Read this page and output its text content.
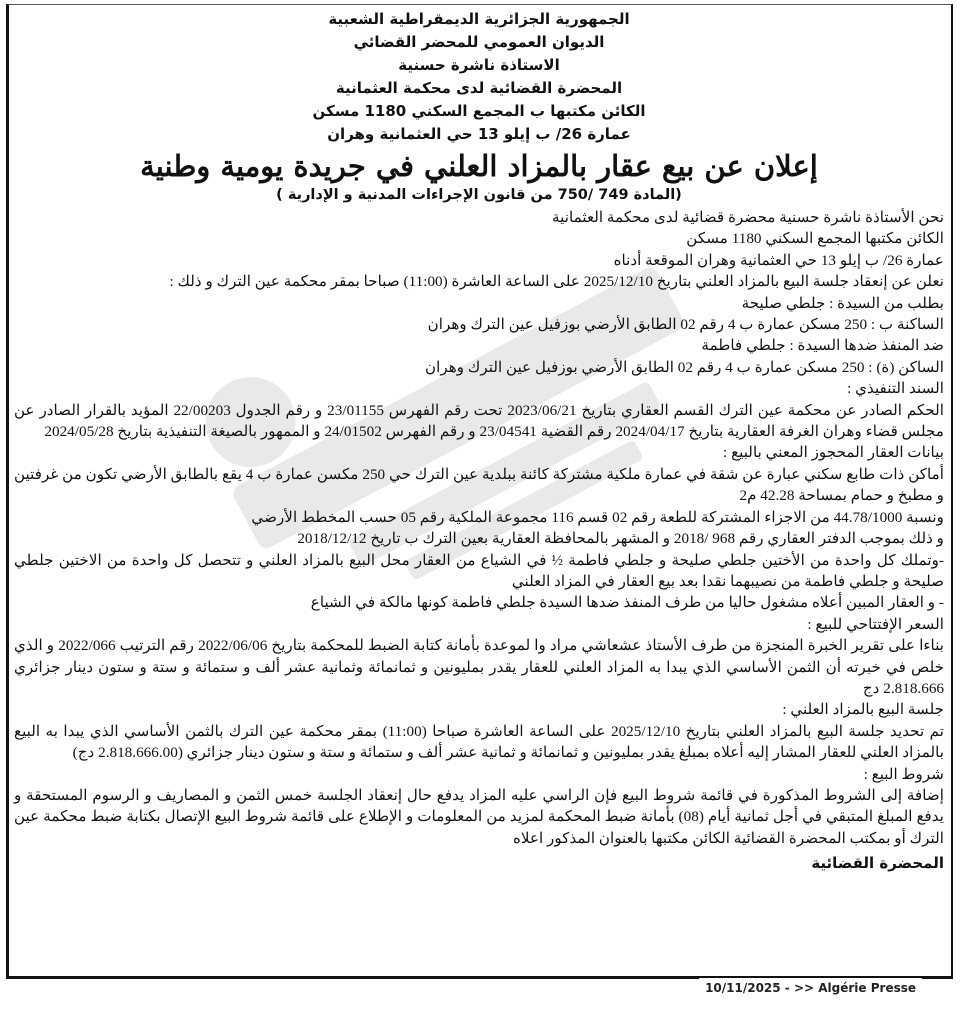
الجمهورية الجزائرية الديمقراطية الشعبية

الديوان العمومي للمحضر القضائي

الاستاذة ناشرة حسنية

المحضرة القضائية لدى محكمة العثمانية

الكائن مكتبها ب المجمع السكني 1180 مسكن

عمارة 26/ ب إيلو 13 حي العثمانية وهران

إعلان عن بيع عقار بالمزاد العلني في جريدة يومية وطنية

(المادة 749 /750 من قانون الإجراءات المدنية و الإدارية )

نحن الأستاذة ناشرة حسنية محضرة قضائية لدى محكمة العثمانية

الكائن مكتبها المجمع السكني 1180 مسكن

عمارة 26/ ب إيلو 13 حي العثمانية وهران الموقعة أدناه

نعلن عن إنعقاد جلسة البيع بالمزاد العلني بتاريخ 2025/12/10 على الساعة العاشرة (11:00) صباحا بمقر محكمة عين الترك و ذلك :

بطلب من السيدة : جلطي صليحة

الساكنة ب : 250 مسكن عمارة ب 4 رقم 02 الطابق الأرضي بوزفيل عين الترك وهران

ضد المنفذ ضدها السيدة : جلطي فاطمة

الساكن (ة) : 250 مسكن عمارة ب 4 رقم 02 الطابق الأرضي بوزفيل عين الترك وهران

السند التنفيذي :

الحكم الصادر عن محكمة عين الترك القسم العقاري بتاريخ 2023/06/21 تحت رقم الفهرس 23/01155 و رقم الجدول 22/00203 المؤيد بالقرار الصادر عن مجلس قضاء وهران الغرفة العقارية بتاريخ 2024/04/17 رقم القضية 23/04541 و رقم الفهرس 24/01502 و الممهور بالصيغة التنفيذية بتاريخ 2024/05/28

بيانات العقار المحجوز المعني بالبيع :

أماكن ذات طابع سكني عبارة عن شقة في عمارة ملكية مشتركة كائنة ببلدية عين الترك حي 250 مكسن عمارة ب 4 يقع بالطابق الأرضي تكون من غرفتين و مطبخ و حمام بمساحة 42.28 م2

ونسبة 44.78/1000 من الاجزاء المشتركة للطعة رقم 02 قسم 116 مجموعة الملكية رقم 05 حسب المخطط الأرضي

و ذلك بموجب الدفتر العقاري رقم 968 /2018 و المشهر بالمحافظة العقارية بعين الترك ب تاريخ 2018/12/12

-وتملك كل واحدة من الأختين جلطي صليحة و جلطي فاطمة ½ في الشياع من العقار محل البيع بالمزاد العلني و تتحصل كل واحدة من الاختين جلطي صليحة و جلطي فاطمة من نصيبهما نقدا بعد بيع العقار في المزاد العلني

- و العقار المبين أعلاه مشغول حاليا من طرف المنفذ ضدها السيدة جلطي فاطمة كونها مالكة في الشياع

السعر الإفتتاحي للبيع :

بناءا على تقرير الخبرة المنجزة من طرف الأستاذ عشعاشي مراد وا لموعدة بأمانة كتابة الضبط للمحكمة بتاريخ 2022/06/06 رقم الترتيب 2022/066 و الذي خلص في خبرته أن الثمن الأساسي الذي يبدا به المزاد العلني للعقار يقدر بمليونين و ثمانمائة وثمانية عشر ألف و ستمائة و ستة و ستون دينار جزائري 2.818.666 دج

جلسة البيع بالمزاد العلني :

تم تحديد جلسة البيع بالمزاد العلني بتاريخ 2025/12/10 على الساعة العاشرة صباحا (11:00) بمقر محكمة عين الترك بالثمن الأساسي الذي يبدا به البيع بالمزاد العلني للعقار المشار إليه أعلاه بمبلغ يقدر بمليونين و ثمانمائة و ثمانية عشر ألف و ستمائة و ستة و ستون دينار جزائري (2.818.666.00 دج)

شروط البيع :

إضافة إلى الشروط المذكورة في قائمة شروط البيع فإن الراسي عليه المزاد يدفع حال إنعقاد الجلسة خمس الثمن و المصاريف و الرسوم المستحقة و يدفع المبلغ المتبقي في أجل ثمانية أيام (08) بأمانة ضبط المحكمة لمزيد من المعلومات و الإطلاع على قائمة شروط البيع الإتصال بكتابة ضبط محكمة عين الترك أو بمكتب المحضرة القضائية الكائن مكتبها بالعنوان المذكور اعلاه

المحضرة القضائية
10/11/2025 - >> Algérie Presse
